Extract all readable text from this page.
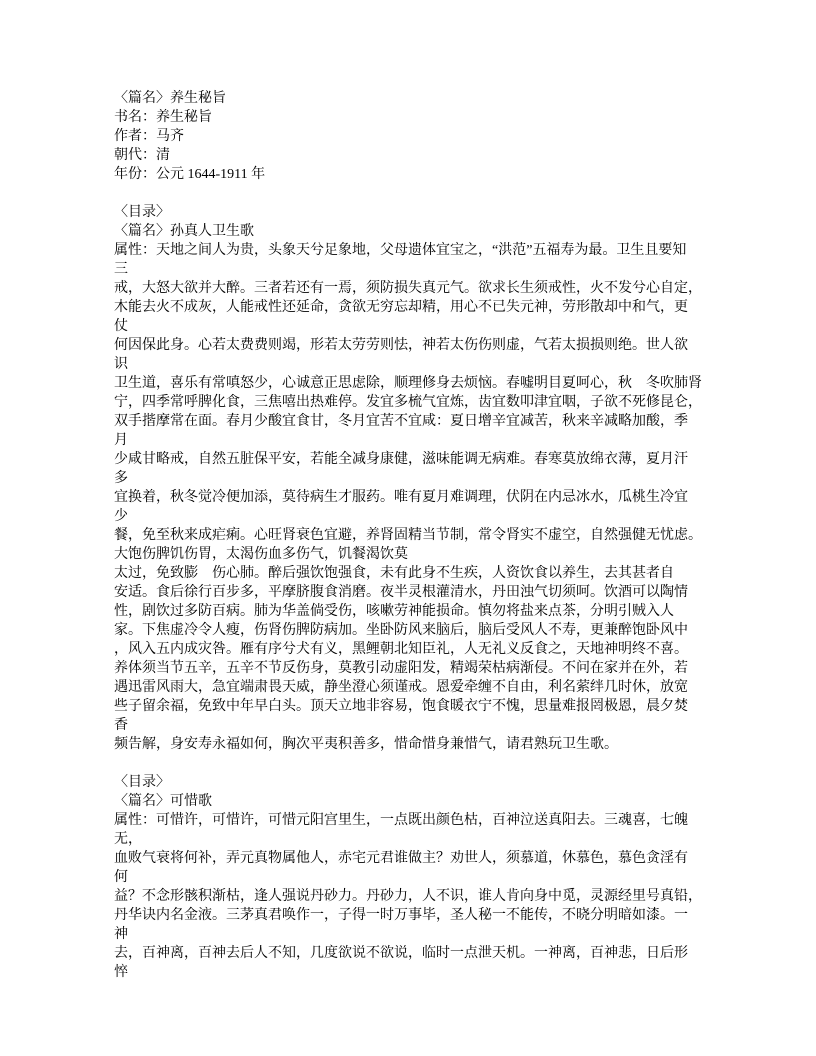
〈篇名〉养生秘旨
书名：养生秘旨
作者：马齐
朝代：清
年份：公元 1644-1911 年
〈目录〉
〈篇名〉孙真人卫生歌
属性：天地之间人为贵，头象天兮足象地，父母遗体宜宝之，“洪范”五福寿为最。卫生且要知
三
戒，大怒大欲并大醉。三者若还有一焉，须防损失真元气。欲求长生须戒性，火不发兮心自定，
木能去火不成灰，人能戒性还延命，贪欲无穷忘却精，用心不已失元神，劳形散却中和气，更
仗
何因保此身。心若太费费则竭，形若太劳劳则怯，神若太伤伤则虚，气若太损损则绝。世人欲
识
卫生道，喜乐有常嗔怒少，心诚意正思虑除，顺理修身去烦恼。春嘘明目夏呵心，秋　冬吹肺肾
宁，四季常呼脾化食，三焦嘻出热难停。发宜多梳气宜炼，齿宜数叩津宜咽，子欲不死修昆仑，
双手揩摩常在面。春月少酸宜食甘，冬月宜苦不宜咸：夏日增辛宜减苦，秋来辛减略加酸，季
月
少咸甘略戒，自然五脏保平安，若能全减身康健，滋味能调无病难。春寒莫放绵衣薄，夏月汗
多
宜换着，秋冬觉冷便加添，莫待病生才服药。唯有夏月难调理，伏阴在内忌冰水，瓜桃生冷宜
少
餐，免至秋来成疟痢。心旺肾衰色宜避，养肾固精当节制，常令肾实不虚空，自然强健无忧虑。
大饱伤脾饥伤胃，太渴伤血多伤气，饥餐渴饮莫
太过，免致膨　伤心肺。醉后强饮饱强食，未有此身不生疾，人资饮食以养生，去其甚者自
安适。食后徐行百步多，平摩脐腹食消磨。夜半灵根灌清水，丹田浊气切须呵。饮酒可以陶情
性，剧饮过多防百病。肺为华盖倘受伤，咳嗽劳神能损命。慎勿将盐来点茶，分明引贼入人
家。下焦虚冷令人瘦，伤肾伤脾防病加。坐卧防风来脑后，脑后受风人不寿，更兼醉饱卧风中
，风入五内成灾咎。雁有序兮犬有义，黑鲤朝北知臣礼，人无礼义反食之，天地神明终不喜。
养体须当节五辛，五辛不节反伤身，莫教引动虚阳发，精竭荣枯病渐侵。不问在家并在外，若
遇迅雷风雨大，急宜端肃畏天威，静坐澄心须谨戒。恩爱牵缠不自由，利名萦绊几时休，放宽
些子留余福，免致中年早白头。顶天立地非容易，饱食暖衣宁不愧，思量难报罔极恩，晨夕焚
香
频告解，身安寿永福如何，胸次平夷积善多，惜命惜身兼惜气，请君熟玩卫生歌。
〈目录〉
〈篇名〉可惜歌
属性：可惜许，可惜许，可惜元阳宫里生，一点既出颜色枯，百神泣送真阳去。三魂喜，七魄
无，
血败气衰将何补，弄元真物属他人，赤宅元君谁做主？劝世人，须慕道，休慕色，慕色贪淫有
何
益？不念形骸积渐枯，逢人强说丹砂力。丹砂力，人不识，谁人肯向身中觅，灵源经里号真铅，
丹华诀内名金液。三茅真君唤作一，子得一时万事毕，圣人秘一不能传，不晓分明暗如漆。一
神
去，百神离，百神去后人不知，几度欲说不欲说，临时一点泄天机。一神离，百神悲，日后形
悴
